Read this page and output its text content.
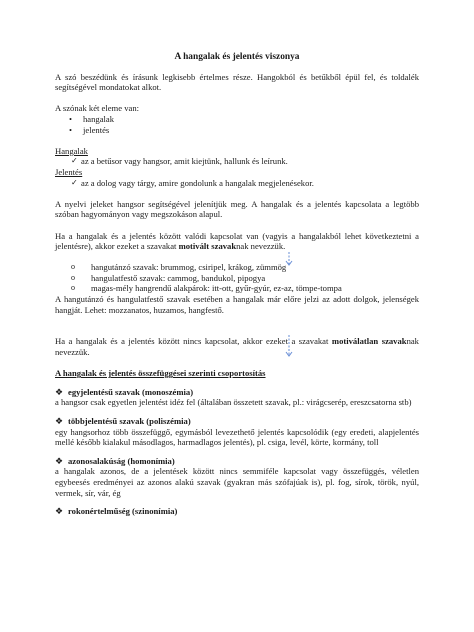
A hangalak és jelentés viszonya

A szó beszédünk és írásunk legkisebb értelmes része. Hangokból és betűkből épül fel, és toldalék segítségével mondatokat alkot.

A szónak két eleme van:

• hangalak
• jelentés

Hangalak

✓ az a betűsor vagy hangsor, amit kiejtünk, hallunk és leírunk.

Jelentés

✓ az a dolog vagy tárgy, amire gondolunk a hangalak megjelenésekor.

A nyelvi jeleket hangsor segítségével jelenítjük meg. A hangalak és a jelentés kapcsolata a legtöbb szóban hagyományon vagy megszokáson alapul.

Ha a hangalak és a jelentés között valódi kapcsolat van (vagyis a hangalakból lehet következtetni a jelentésre), akkor ezeket a szavakat motivált szavaknak nevezzük.

o hangutánzó szavak: brummog, csiripel, krákog, zümmög
o hangulatfestő szavak: cammog, bandukol, pipogya
o magas-mély hangrendű alakpárok: itt-ott, gyűr-gyúr, ez-az, tömpe-tompa

A hangutánzó és hangulatfestő szavak esetében a hangalak már előre jelzi az adott dolgok, jelenségek hangját. Lehet: mozzanatos, huzamos, hangfestő.

Ha a hangalak és a jelentés között nincs kapcsolat, akkor ezeket a szavakat motiválatlan szavaknak nevezzük.

A hangalak és jelentés összefüggései szerinti csoportosítás

❖ egyjelentésű szavak (monoszémia)

a hangsor csak egyetlen jelentést idéz fel (általában összetett szavak, pl.: virágcserép, ereszcsatorna stb)

❖ többjelentésű szavak (poliszémia)

egy hangsorhoz több összefüggő, egymásból levezethető jelentés kapcsolódik (egy eredeti, alapjelentés mellé később kialakul másodlagos, harmadlagos jelentés), pl. csiga, levél, körte, kormány, toll

❖ azonosalakúság (homonímia)

a hangalak azonos, de a jelentések között nincs semmiféle kapcsolat vagy összefüggés, véletlen egybeesés eredményei az azonos alakú szavak (gyakran más szófajúak is), pl. fog, sírok, török, nyúl, vermek, sír, vár, ég

❖ rokonértelműség (szinonímia)
